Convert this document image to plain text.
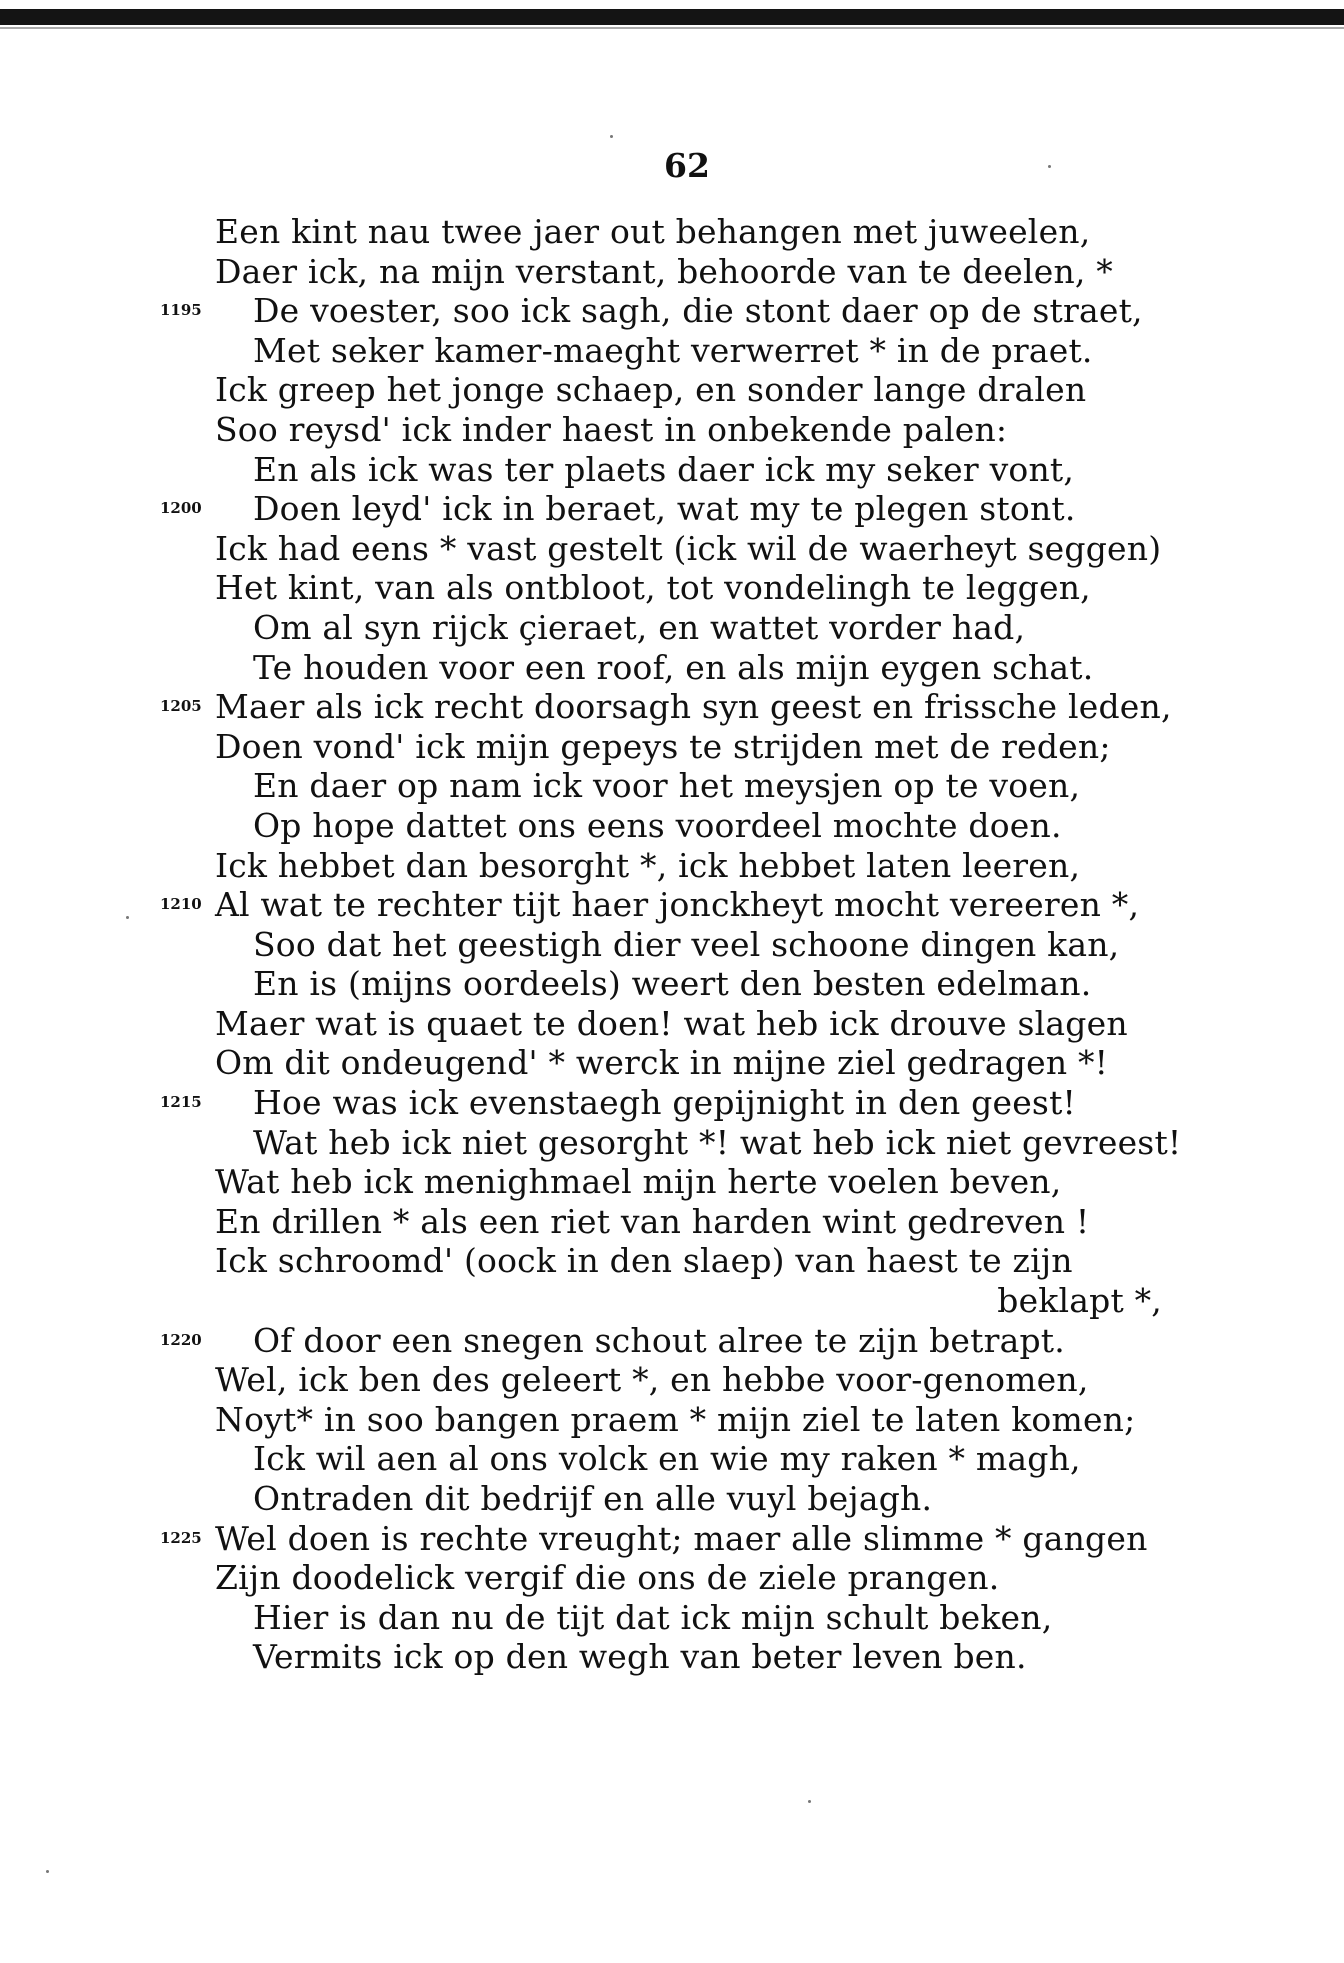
62
Een kint nau twee jaer out behangen met juweelen,
Daer ick, na mijn verstant, behoorde van te deelen, *
1195 De voester, soo ick sagh, die stont daer op de straet,
Met seker kamer-maeght verwerret * in de praet.
Ick greep het jonge schaep, en sonder lange dralen
Soo reysd' ick inder haest in onbekende palen:
En als ick was ter plaets daer ick my seker vont,
1200 Doen leyd' ick in beraet, wat my te plegen stont.
Ick had eens * vast gestelt (ick wil de waerheyt seggen)
Het kint, van als ontbloot, tot vondelingh te leggen,
Om al syn rijck çieraet, en wattet vorder had,
Te houden voor een roof, en als mijn eygen schat.
1205 Maer als ick recht doorsagh syn geest en frissche leden,
Doen vond' ick mijn gepeys te strijden met de reden;
En daer op nam ick voor het meysjen op te voen,
Op hope dattet ons eens voordeel mochte doen.
Ick hebbet dan besorght *, ick hebbet laten leeren,
1210 Al wat te rechter tijt haer jonckheyt mocht vereeren *,
Soo dat het geestigh dier veel schoone dingen kan,
En is (mijns oordeels) weert den besten edelman.
Maer wat is quaet te doen! wat heb ick drouve slagen
Om dit ondeugend' * werck in mijne ziel gedragen *!
1215 Hoe was ick evenstaegh gepijnight in den geest!
Wat heb ick niet gesorght *! wat heb ick niet gevreest!
Wat heb ick menighmael mijn herte voelen beven,
En drillen * als een riet van harden wint gedreven !
Ick schroomd' (oock in den slaep) van haest te zijn
beklapt *,
1220 Of door een snegen schout alree te zijn betrapt.
Wel, ick ben des geleert *, en hebbe voor-genomen,
Noyt* in soo bangen praem * mijn ziel te laten komen;
Ick wil aen al ons volck en wie my raken * magh,
Ontraden dit bedrijf en alle vuyl bejagh.
1225 Wel doen is rechte vreught; maer alle slimme * gangen
Zijn doodelick vergif die ons de ziele prangen.
Hier is dan nu de tijt dat ick mijn schult beken,
Vermits ick op den wegh van beter leven ben.
